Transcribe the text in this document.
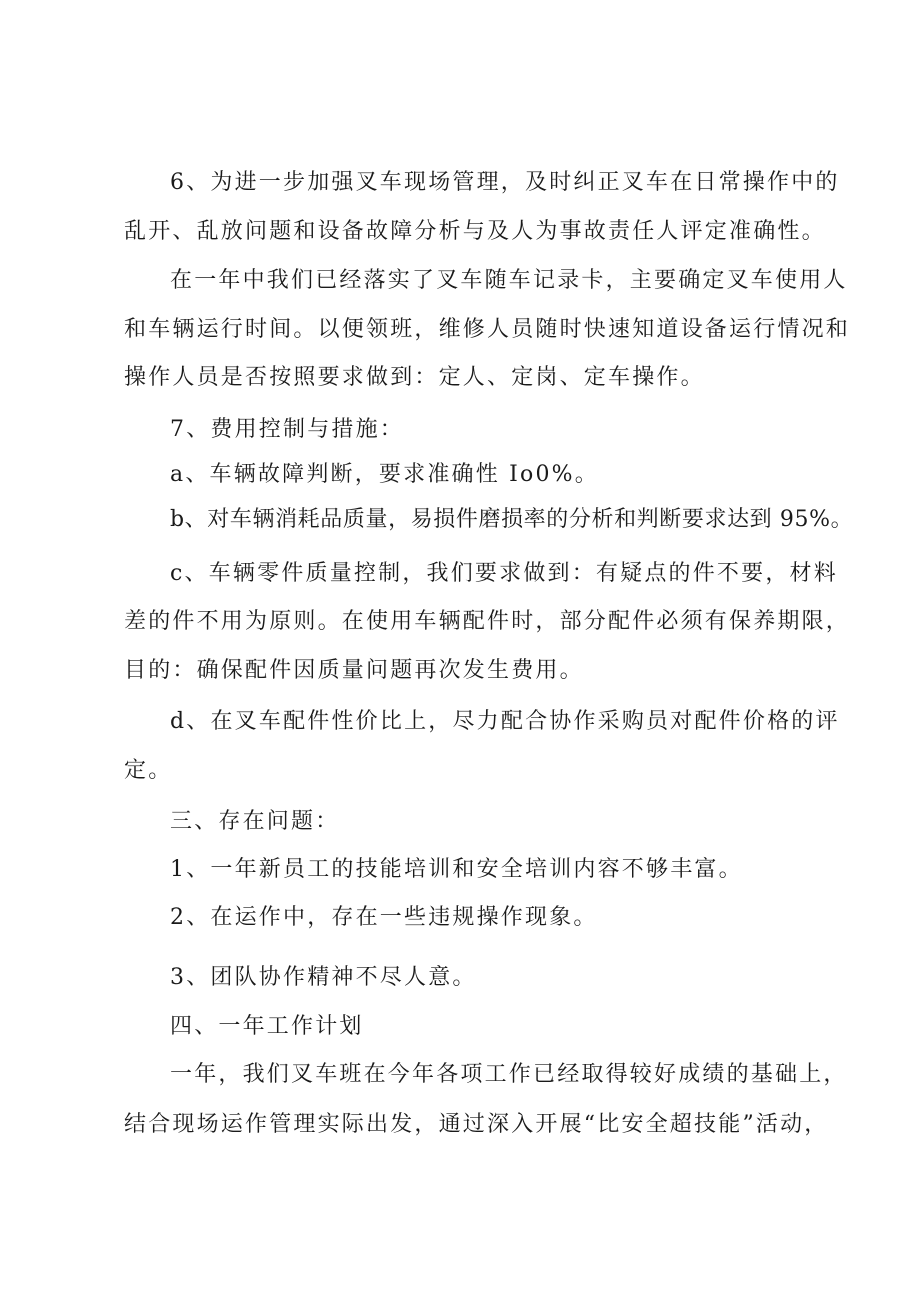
6、为进一步加强叉车现场管理，及时纠正叉车在日常操作中的
乱开、乱放问题和设备故障分析与及人为事故责任人评定准确性。
在一年中我们已经落实了叉车随车记录卡，主要确定叉车使用人
和车辆运行时间。以便领班，维修人员随时快速知道设备运行情况和
操作人员是否按照要求做到：定人、定岗、定车操作。
7、费用控制与措施：
a、车辆故障判断，要求准确性 Io0%。
b、对车辆消耗品质量，易损件磨损率的分析和判断要求达到 95%。
c、车辆零件质量控制，我们要求做到：有疑点的件不要，材料
差的件不用为原则。在使用车辆配件时，部分配件必须有保养期限，
目的：确保配件因质量问题再次发生费用。
d、在叉车配件性价比上，尽力配合协作采购员对配件价格的评
定。
三、存在问题：
1、一年新员工的技能培训和安全培训内容不够丰富。
2、在运作中，存在一些违规操作现象。
3、团队协作精神不尽人意。
四、一年工作计划
一年，我们叉车班在今年各项工作已经取得较好成绩的基础上，
结合现场运作管理实际出发，通过深入开展“比安全超技能”活动，
